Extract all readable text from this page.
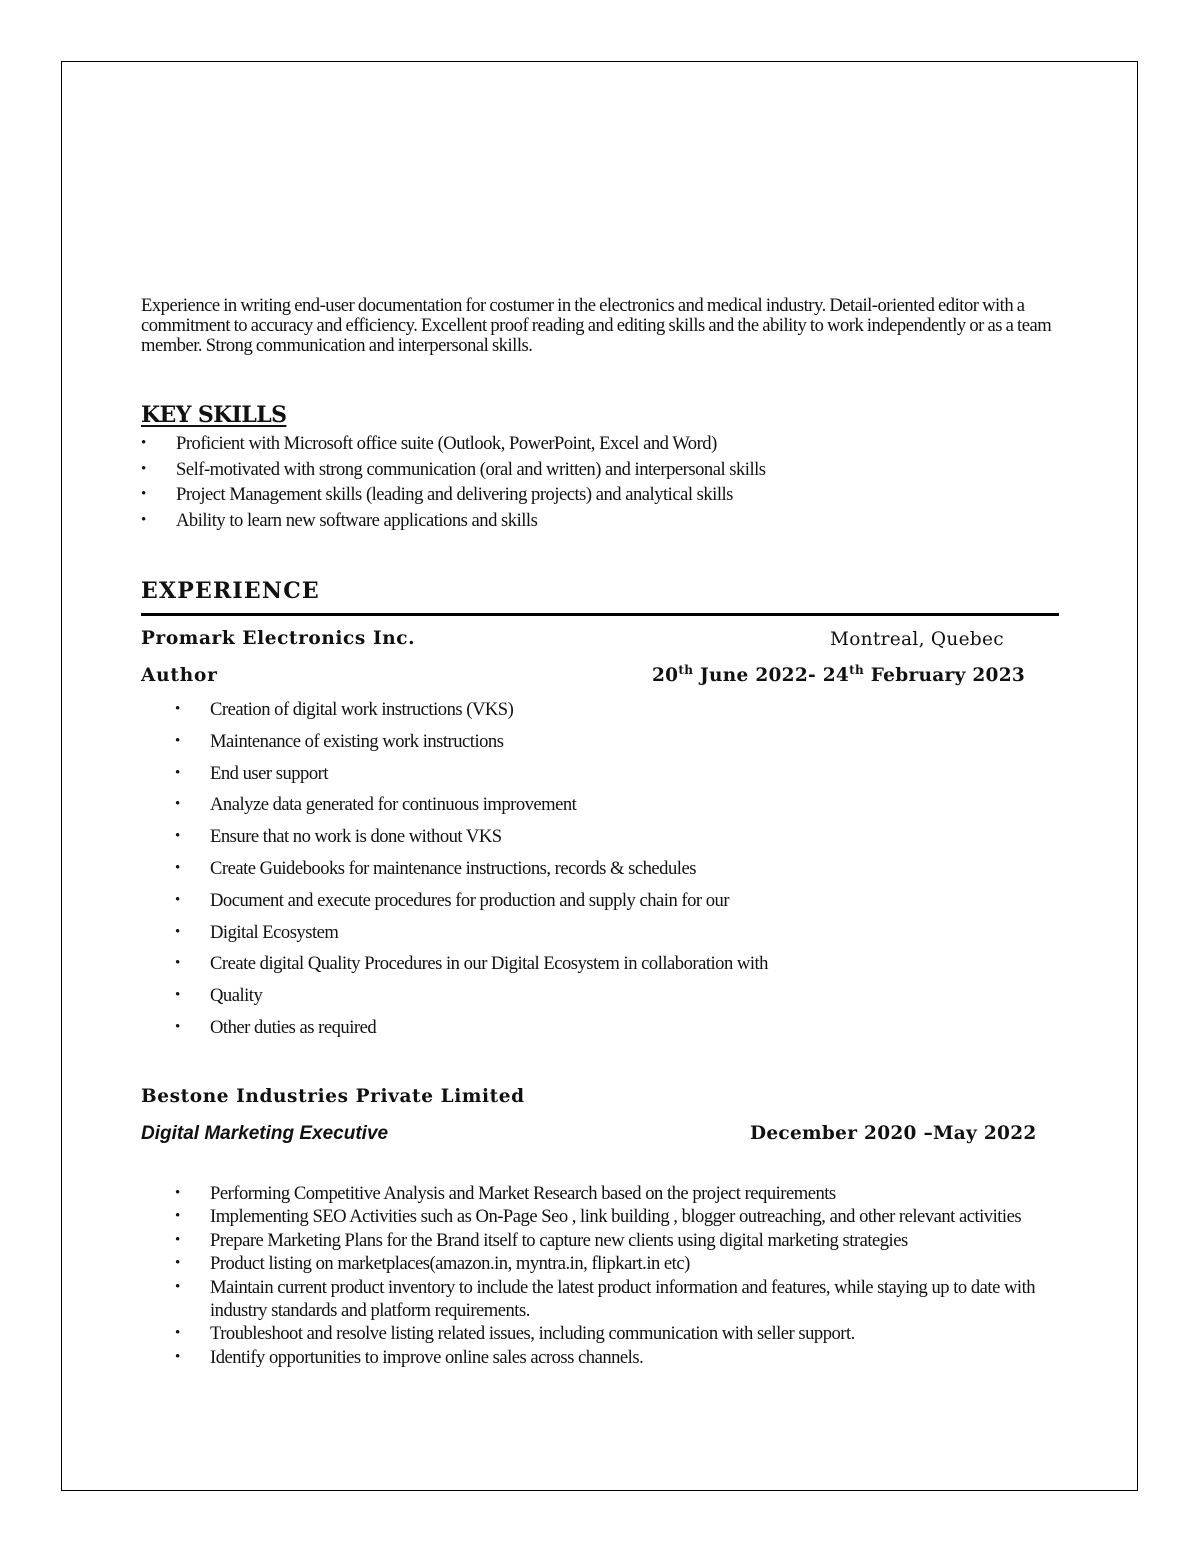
Experience in writing end-user documentation for costumer in the electronics and medical industry. Detail-oriented editor with a commitment to accuracy and efficiency. Excellent proof reading and editing skills and the ability to work independently or as a team member. Strong communication and interpersonal skills.

KEY SKILLS
• Proficient with Microsoft office suite (Outlook, PowerPoint, Excel and Word)
• Self-motivated with strong communication (oral and written) and interpersonal skills
• Project Management skills (leading and delivering projects) and analytical skills
• Ability to learn new software applications and skills
EXPERIENCE
Promark Electronics Inc.	Montreal, Quebec
Author	20th June 2022- 24th February 2023
• Creation of digital work instructions (VKS)
• Maintenance of existing work instructions
• End user support
• Analyze data generated for continuous improvement
• Ensure that no work is done without VKS
• Create Guidebooks for maintenance instructions, records & schedules
• Document and execute procedures for production and supply chain for our
• Digital Ecosystem
• Create digital Quality Procedures in our Digital Ecosystem in collaboration with
• Quality
• Other duties as required
Bestone Industries Private Limited
Digital Marketing Executive	December 2020 –May 2022
• Performing Competitive Analysis and Market Research based on the project requirements
• Implementing SEO Activities such as On-Page Seo , link building , blogger outreaching, and other relevant activities
• Prepare Marketing Plans for the Brand itself to capture new clients using digital marketing strategies
• Product listing on marketplaces(amazon.in, myntra.in, flipkart.in etc)
• Maintain current product inventory to include the latest product information and features, while staying up to date with industry standards and platform requirements.
• Troubleshoot and resolve listing related issues, including communication with seller support.
• Identify opportunities to improve online sales across channels.
